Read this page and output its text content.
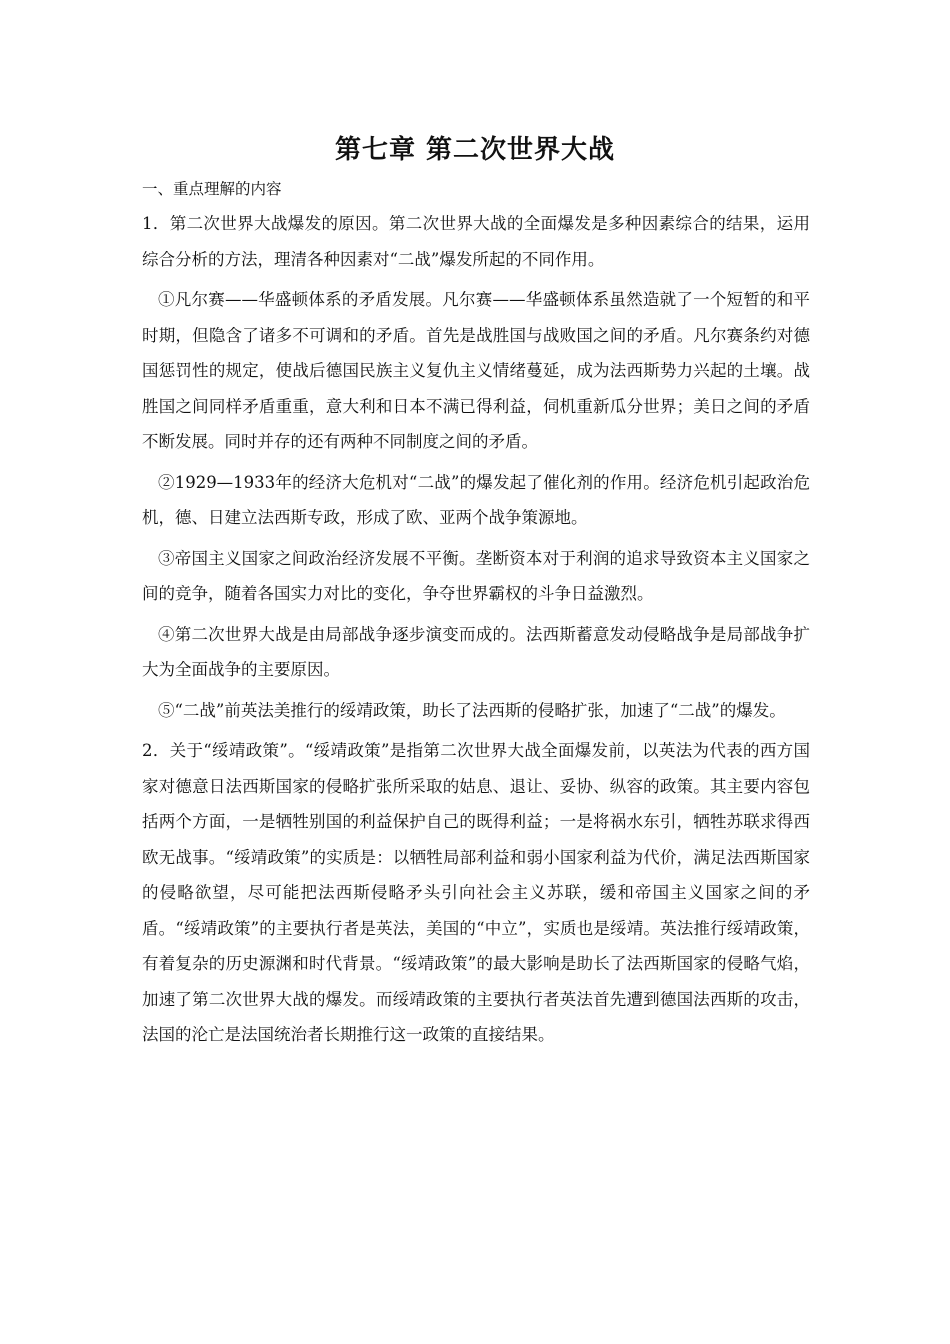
第七章 第二次世界大战

一、重点理解的内容

1．第二次世界大战爆发的原因。第二次世界大战的全面爆发是多种因素综合的结果，运用综合分析的方法，理清各种因素对“二战”爆发所起的不同作用。

①凡尔赛——华盛顿体系的矛盾发展。凡尔赛——华盛顿体系虽然造就了一个短暂的和平时期，但隐含了诸多不可调和的矛盾。首先是战胜国与战败国之间的矛盾。凡尔赛条约对德国惩罚性的规定，使战后德国民族主义复仇主义情绪蔓延，成为法西斯势力兴起的土壤。战胜国之间同样矛盾重重，意大利和日本不满已得利益，伺机重新瓜分世界；美日之间的矛盾不断发展。同时并存的还有两种不同制度之间的矛盾。

②1929—1933年的经济大危机对“二战”的爆发起了催化剂的作用。经济危机引起政治危机，德、日建立法西斯专政，形成了欧、亚两个战争策源地。

③帝国主义国家之间政治经济发展不平衡。垄断资本对于利润的追求导致资本主义国家之间的竞争，随着各国实力对比的变化，争夺世界霸权的斗争日益激烈。

④第二次世界大战是由局部战争逐步演变而成的。法西斯蓄意发动侵略战争是局部战争扩大为全面战争的主要原因。

⑤“二战”前英法美推行的绥靖政策，助长了法西斯的侵略扩张，加速了“二战”的爆发。

2．关于“绥靖政策”。“绥靖政策”是指第二次世界大战全面爆发前，以英法为代表的西方国家对德意日法西斯国家的侵略扩张所采取的姑息、退让、妥协、纵容的政策。其主要内容包括两个方面，一是牺牲别国的利益保护自己的既得利益；一是将祸水东引，牺牲苏联求得西欧无战事。“绥靖政策”的实质是：以牺牲局部利益和弱小国家利益为代价，满足法西斯国家的侵略欲望，尽可能把法西斯侵略矛头引向社会主义苏联，缓和帝国主义国家之间的矛盾。“绥靖政策”的主要执行者是英法，美国的“中立”，实质也是绥靖。英法推行绥靖政策，有着复杂的历史源渊和时代背景。“绥靖政策”的最大影响是助长了法西斯国家的侵略气焰，加速了第二次世界大战的爆发。而绥靖政策的主要执行者英法首先遭到德国法西斯的攻击，法国的沦亡是法国统治者长期推行这一政策的直接结果。
